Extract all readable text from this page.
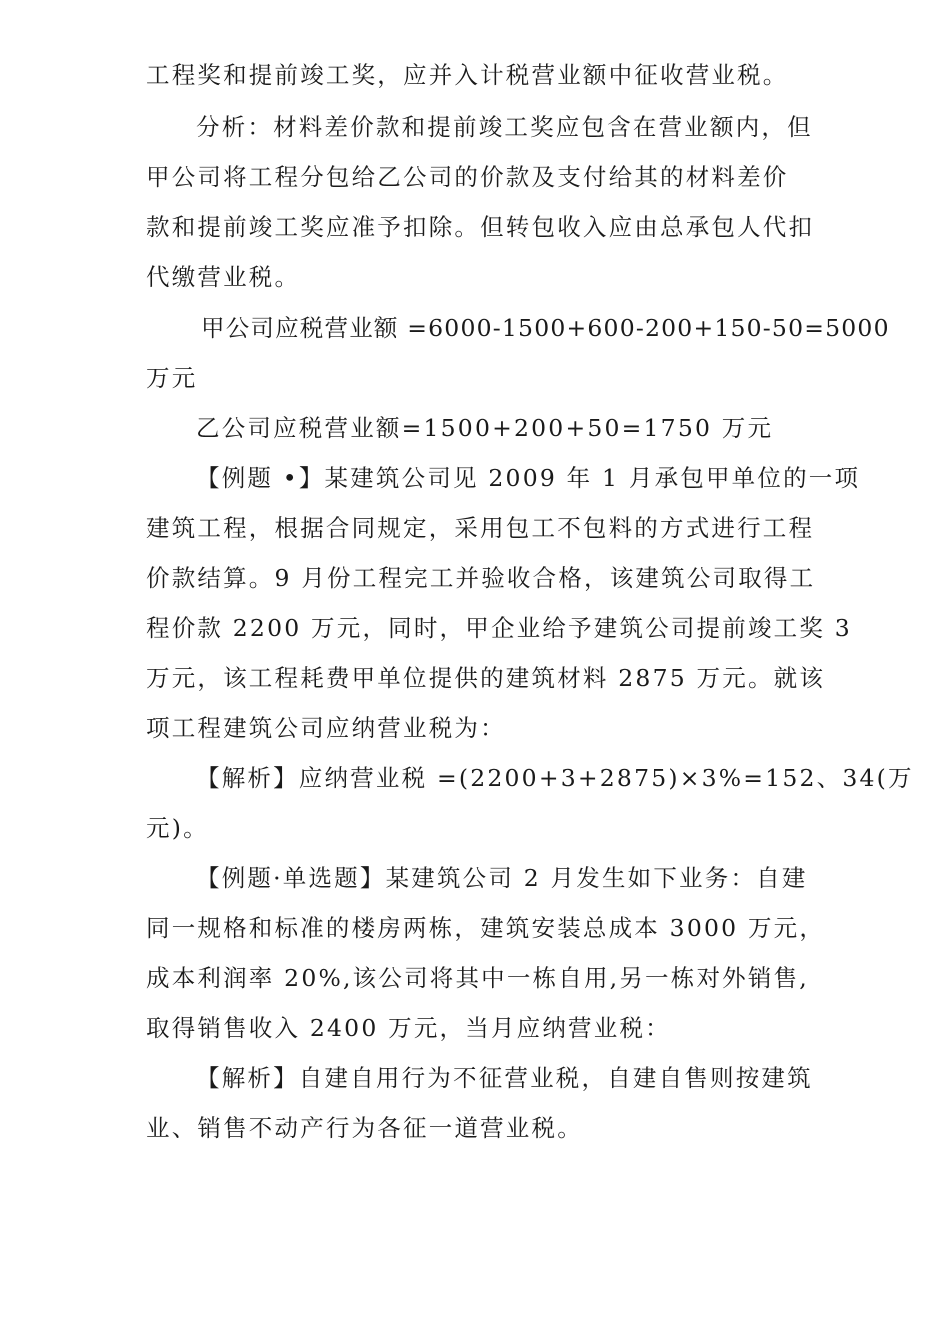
工程奖和提前竣工奖，应并入计税营业额中征收营业税。
分析：材料差价款和提前竣工奖应包含在营业额内，但
甲公司将工程分包给乙公司的价款及支付给其的材料差价
款和提前竣工奖应准予扣除。但转包收入应由总承包人代扣
代缴营业税。
甲公司应税营业额 =6000-1500+600-200+150-50=5000
万元
乙公司应税营业额=1500+200+50=1750 万元
【例题 •】某建筑公司见 2009 年 1 月承包甲单位的一项
建筑工程，根据合同规定，采用包工不包料的方式进行工程
价款结算。9 月份工程完工并验收合格，该建筑公司取得工
程价款 2200 万元，同时，甲企业给予建筑公司提前竣工奖 3
万元，该工程耗费甲单位提供的建筑材料 2875 万元。就该
项工程建筑公司应纳营业税为：
【解析】应纳营业税 =(2200+3+2875)×3%=152、34(万
元)。
【例题·单选题】某建筑公司 2 月发生如下业务：自建
同一规格和标准的楼房两栋，建筑安装总成本 3000 万元，
成本利润率 20%,该公司将其中一栋自用,另一栋对外销售,
取得销售收入 2400 万元，当月应纳营业税：
【解析】自建自用行为不征营业税，自建自售则按建筑
业、销售不动产行为各征一道营业税。
